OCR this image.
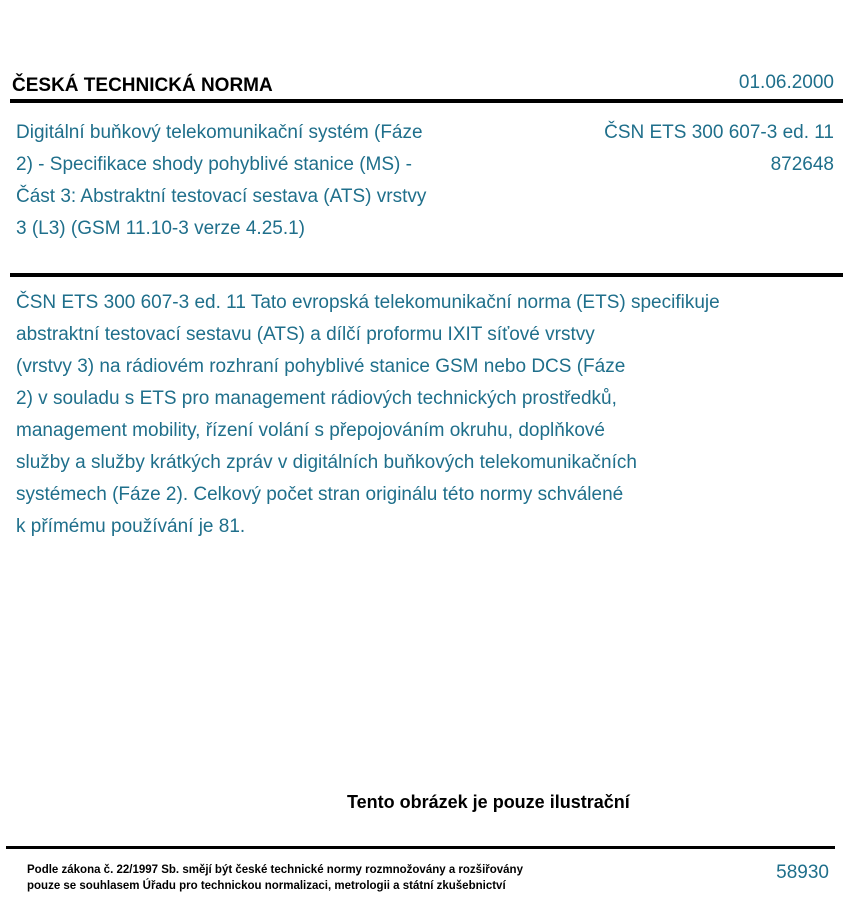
ČESKÁ TECHNICKÁ NORMA	01.06.2000
Digitální buňkový telekomunikační systém (Fáze
2) - Specifikace shody pohyblivé stanice (MS) -
Část 3: Abstraktní testovací sestava (ATS) vrstvy
3 (L3) (GSM 11.10-3 verze 4.25.1)
ČSN ETS 300 607-3 ed. 11
872648
ČSN ETS 300 607-3 ed. 11 Tato evropská telekomunikační norma (ETS) specifikuje
abstraktní testovací sestavu (ATS) a dílčí proformu IXIT síťové vrstvy
(vrstvy 3) na rádiovém rozhraní pohyblivé stanice GSM nebo DCS (Fáze
2) v souladu s ETS pro management rádiových technických prostředků,
management mobility, řízení volání s přepojováním okruhu, doplňkové
služby a služby krátkých zpráv v digitálních buňkových telekomunikačních
systémech (Fáze 2). Celkový počet stran originálu této normy schválené
k přímému používání je 81.
Tento obrázek je pouze ilustrační
Podle zákona č. 22/1997 Sb. smějí být české technické normy rozmnožovány a rozšiřovány
pouze se souhlasem Úřadu pro technickou normalizaci, metrologii a státní zkušebnictví
58930
